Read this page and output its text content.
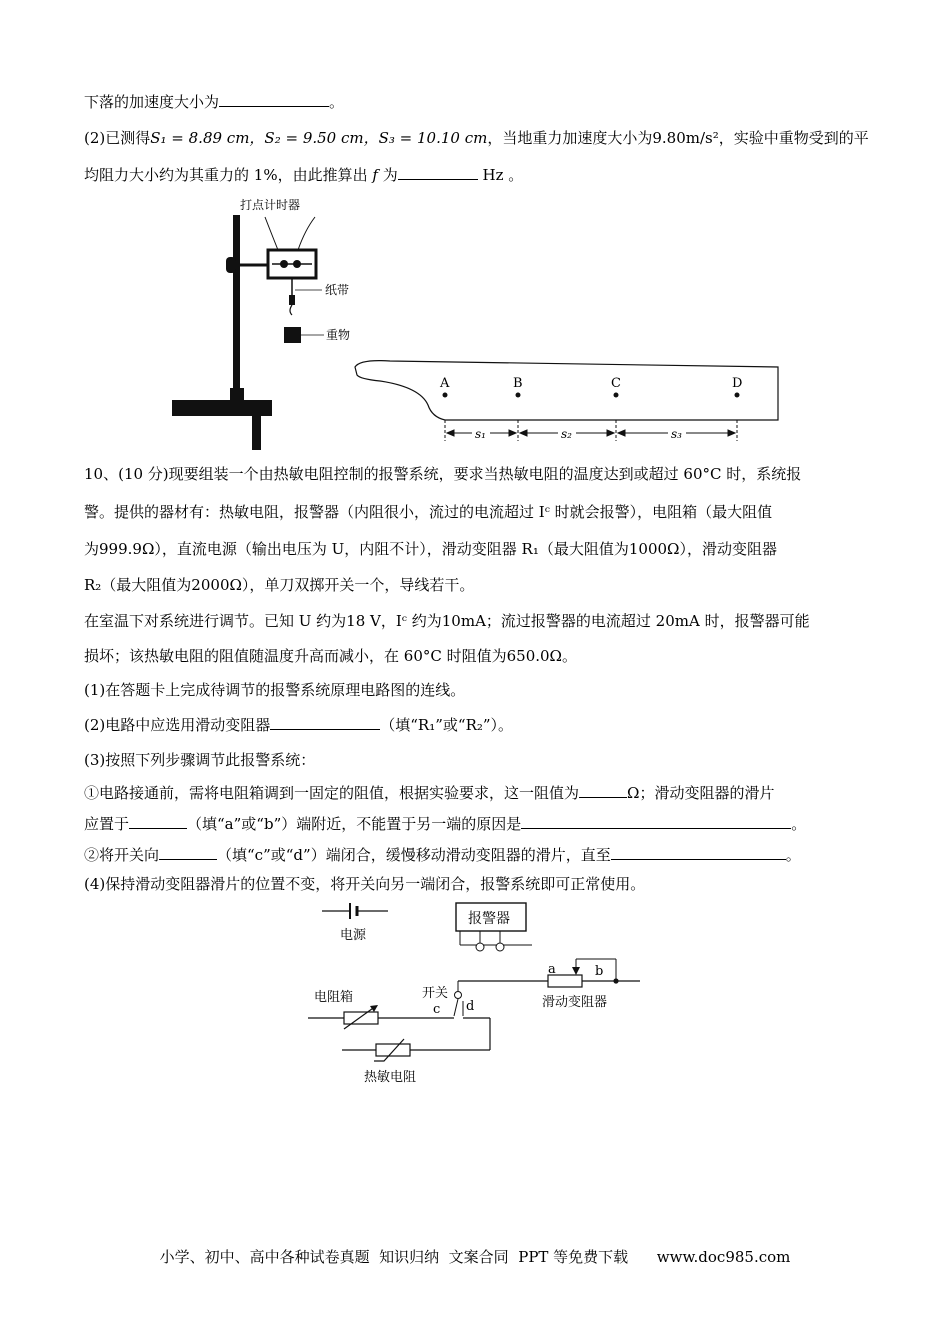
下落的加速度大小为	。
(2)已测得S₁ = 8.89 cm，S₂ = 9.50 cm，S₃ = 10.10 cm，当地重力加速度大小为9.80m/s²，实验中重物受到的平
均阻力大小约为其重力的 1%，由此推算出 f 为	Hz 。
打点计时器
纸带
重物
A	B	C	D
s₁	s₂	s₃
10、(10 分)现要组装一个由热敏电阻控制的报警系统，要求当热敏电阻的温度达到或超过 60°C 时，系统报
警。提供的器材有：热敏电阻，报警器（内阻很小，流过的电流超过 Iᶜ 时就会报警），电阻箱（最大阻值
为999.9Ω），直流电源（输出电压为 U，内阻不计），滑动变阻器 R₁（最大阻值为1000Ω），滑动变阻器
R₂（最大阻值为2000Ω），单刀双掷开关一个，导线若干。
在室温下对系统进行调节。已知 U 约为18 V，Iᶜ 约为10mA；流过报警器的电流超过 20mA 时，报警器可能
损坏；该热敏电阻的阻值随温度升高而减小，在 60°C 时阻值为650.0Ω。
(1)在答题卡上完成待调节的报警系统原理电路图的连线。
(2)电路中应选用滑动变阻器	（填“R₁”或“R₂”）。
(3)按照下列步骤调节此报警系统：
①电路接通前，需将电阻箱调到一固定的阻值，根据实验要求，这一阻值为	Ω；滑动变阻器的滑片
应置于	（填“a”或“b”）端附近，不能置于另一端的原因是	。
②将开关向	（填“c”或“d”）端闭合，缓慢移动滑动变阻器的滑片，直至	。
(4)保持滑动变阻器滑片的位置不变，将开关向另一端闭合，报警系统即可正常使用。
电源
报警器
a	b
滑动变阻器
开关
c d
电阻箱
热敏电阻
小学、初中、高中各种试卷真题  知识归纳  文案合同  PPT 等免费下载      www.doc985.com
